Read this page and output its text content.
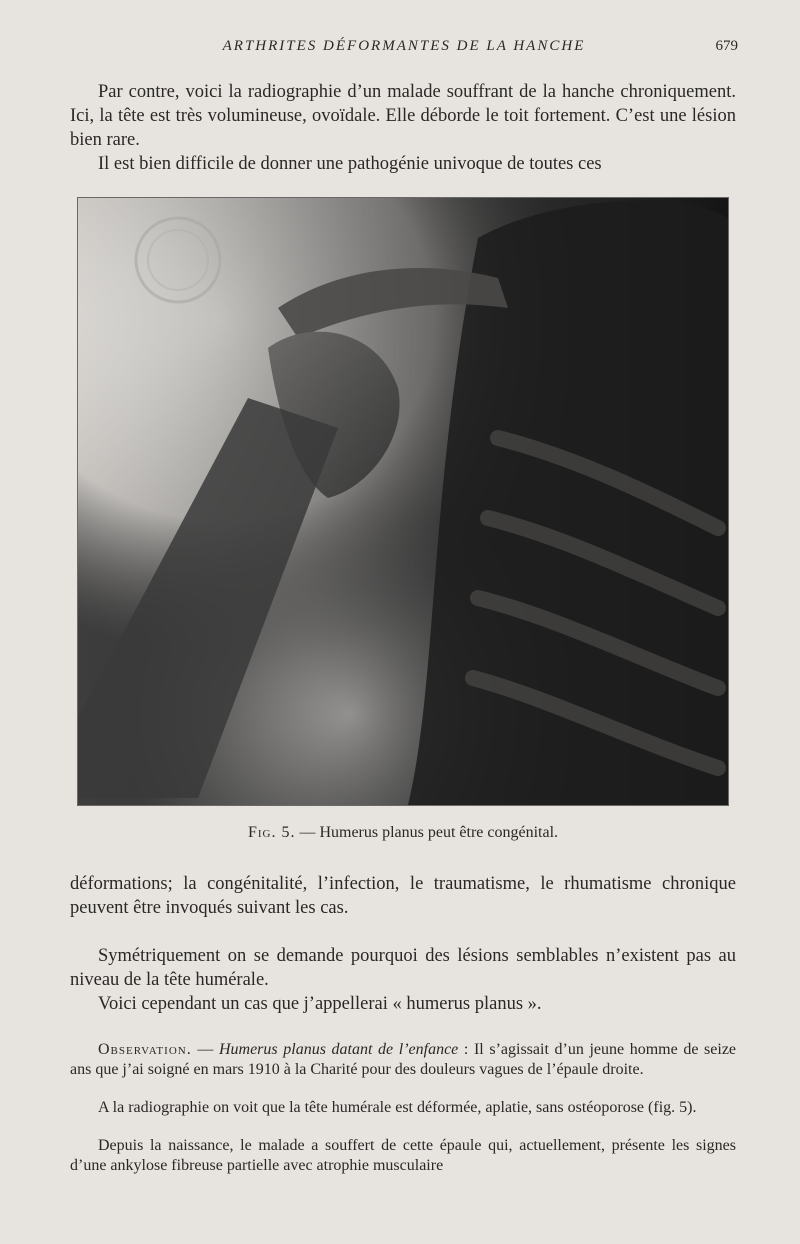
ARTHRITES DÉFORMANTES DE LA HANCHE	679

Par contre, voici la radiographie d’un malade souffrant de la hanche chroniquement. Ici, la tête est très volumineuse, ovoïdale. Elle déborde le toit fortement. C’est une lésion bien rare.

Il est bien difficile de donner une pathogénie univoque de toutes ces

Fig. 5. — Humerus planus peut être congénital.

déformations; la congénitalité, l’infection, le traumatisme, le rhumatisme chronique peuvent être invoqués suivant les cas.

Symétriquement on se demande pourquoi des lésions semblables n’existent pas au niveau de la tête humérale.

Voici cependant un cas que j’appellerai « humerus planus ».

Observation. — Humerus planus datant de l’enfance : Il s’agissait d’un jeune homme de seize ans que j’ai soigné en mars 1910 à la Charité pour des douleurs vagues de l’épaule droite.

A la radiographie on voit que la tête humérale est déformée, aplatie, sans ostéoporose (fig. 5).

Depuis la naissance, le malade a souffert de cette épaule qui, actuellement, présente les signes d’une ankylose fibreuse partielle avec atrophie musculaire
